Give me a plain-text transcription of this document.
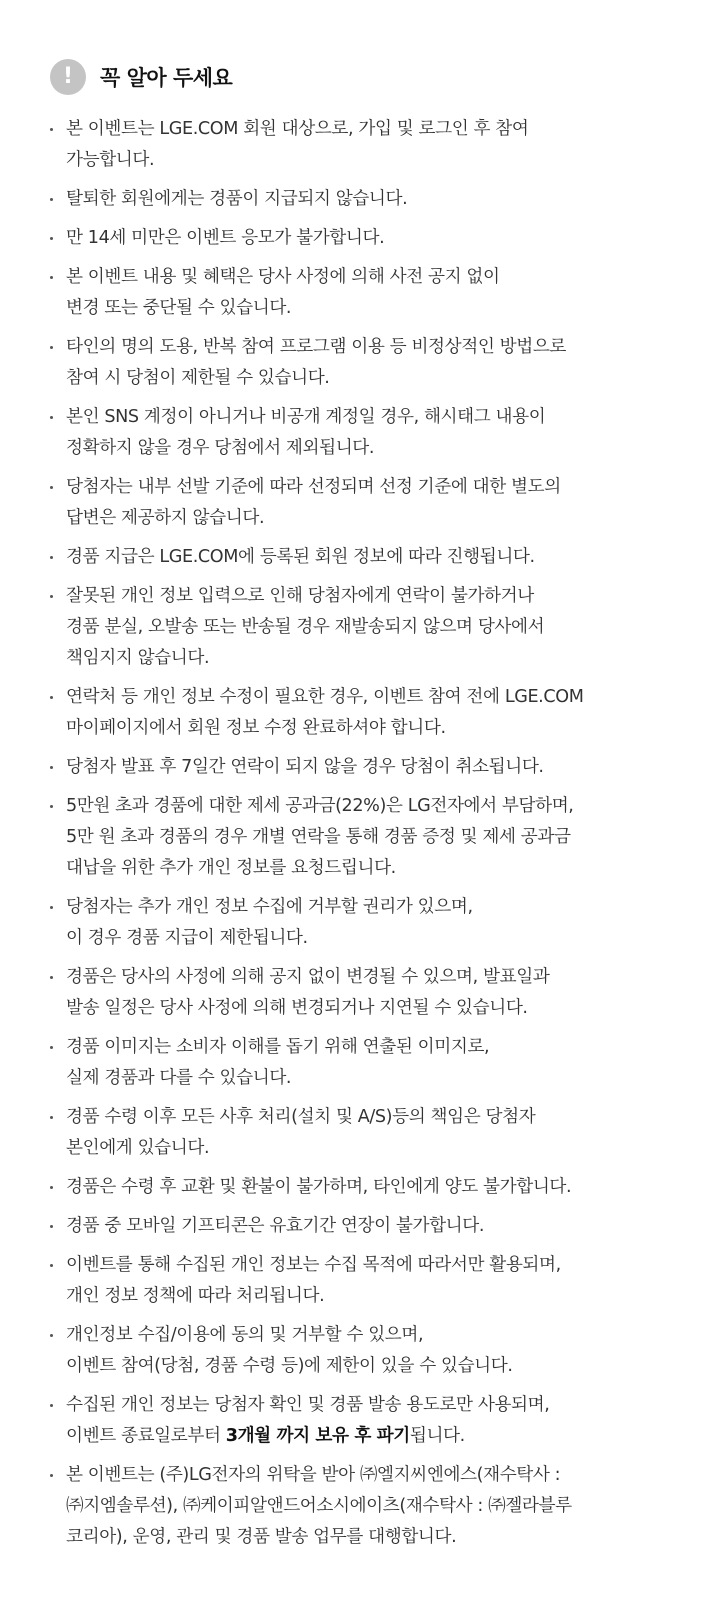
! 꼭 알아 두세요
본 이벤트는 LGE.COM 회원 대상으로, 가입 및 로그인 후 참여
가능합니다.
탈퇴한 회원에게는 경품이 지급되지 않습니다.
만 14세 미만은 이벤트 응모가 불가합니다.
본 이벤트 내용 및 혜택은 당사 사정에 의해 사전 공지 없이
변경 또는 중단될 수 있습니다.
타인의 명의 도용, 반복 참여 프로그램 이용 등 비정상적인 방법으로
참여 시 당첨이 제한될 수 있습니다.
본인 SNS 계정이 아니거나 비공개 계정일 경우, 해시태그 내용이
정확하지 않을 경우 당첨에서 제외됩니다.
당첨자는 내부 선발 기준에 따라 선정되며 선정 기준에 대한 별도의
답변은 제공하지 않습니다.
경품 지급은 LGE.COM에 등록된 회원 정보에 따라 진행됩니다.
잘못된 개인 정보 입력으로 인해 당첨자에게 연락이 불가하거나
경품 분실, 오발송 또는 반송될 경우 재발송되지 않으며 당사에서
책임지지 않습니다.
연락처 등 개인 정보 수정이 필요한 경우, 이벤트 참여 전에 LGE.COM
마이페이지에서 회원 정보 수정 완료하셔야 합니다.
당첨자 발표 후 7일간 연락이 되지 않을 경우 당첨이 취소됩니다.
5만원 초과 경품에 대한 제세 공과금(22%)은 LG전자에서 부담하며,
5만 원 초과 경품의 경우 개별 연락을 통해 경품 증정 및 제세 공과금
대납을 위한 추가 개인 정보를 요청드립니다.
당첨자는 추가 개인 정보 수집에 거부할 권리가 있으며,
이 경우 경품 지급이 제한됩니다.
경품은 당사의 사정에 의해 공지 없이 변경될 수 있으며, 발표일과
발송 일정은 당사 사정에 의해 변경되거나 지연될 수 있습니다.
경품 이미지는 소비자 이해를 돕기 위해 연출된 이미지로,
실제 경품과 다를 수 있습니다.
경품 수령 이후 모든 사후 처리(설치 및 A/S)등의 책임은 당첨자
본인에게 있습니다.
경품은 수령 후 교환 및 환불이 불가하며, 타인에게 양도 불가합니다.
경품 중 모바일 기프티콘은 유효기간 연장이 불가합니다.
이벤트를 통해 수집된 개인 정보는 수집 목적에 따라서만 활용되며,
개인 정보 정책에 따라 처리됩니다.
개인정보 수집/이용에 동의 및 거부할 수 있으며,
이벤트 참여(당첨, 경품 수령 등)에 제한이 있을 수 있습니다.
수집된 개인 정보는 당첨자 확인 및 경품 발송 용도로만 사용되며,
이벤트 종료일로부터 3개월 까지 보유 후 파기됩니다.
본 이벤트는 (주)LG전자의 위탁을 받아 ㈜엘지씨엔에스(재수탁사 :
㈜지엠솔루션), ㈜케이피알앤드어소시에이츠(재수탁사 : ㈜젤라블루
코리아), 운영, 관리 및 경품 발송 업무를 대행합니다.
